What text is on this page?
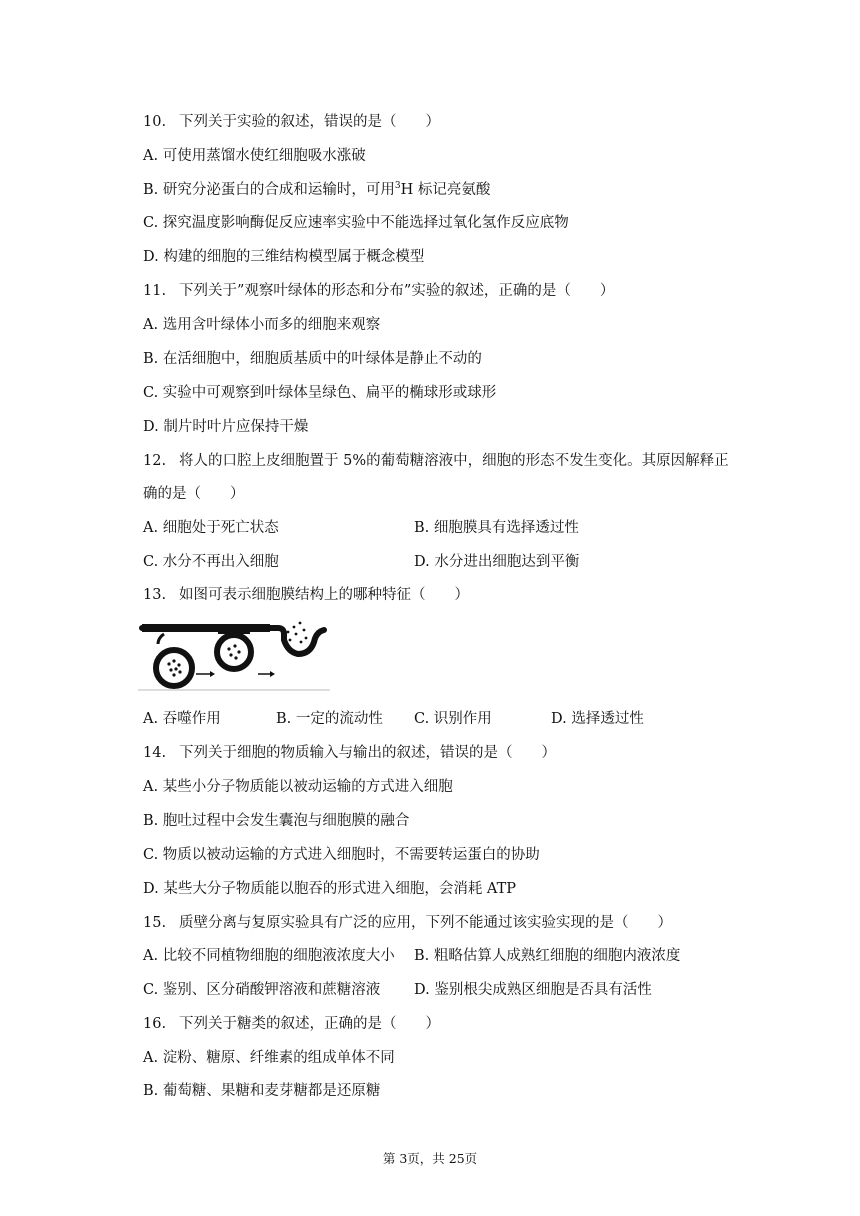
10. 下列关于实验的叙述，错误的是（　　）
A. 可使用蒸馏水使红细胞吸水涨破
B. 研究分泌蛋白的合成和运输时，可用$^3$H 标记亮氨酸
C. 探究温度影响酶促反应速率实验中不能选择过氧化氢作反应底物
D. 构建的细胞的三维结构模型属于概念模型
11. 下列关于”观察叶绿体的形态和分布”实验的叙述，正确的是（　　）
A. 选用含叶绿体小而多的细胞来观察
B. 在活细胞中，细胞质基质中的叶绿体是静止不动的
C. 实验中可观察到叶绿体呈绿色、扁平的椭球形或球形
D. 制片时叶片应保持干燥
12. 将人的口腔上皮细胞置于 5%的葡萄糖溶液中，细胞的形态不发生变化。其原因解释正
确的是（　　）
A. 细胞处于死亡状态	B. 细胞膜具有选择透过性
C. 水分不再出入细胞	D. 水分进出细胞达到平衡
13. 如图可表示细胞膜结构上的哪种特征（　　）
A. 吞噬作用	B. 一定的流动性 C. 识别作用	D. 选择透过性
14. 下列关于细胞的物质输入与输出的叙述，错误的是（　　）
A. 某些小分子物质能以被动运输的方式进入细胞
B. 胞吐过程中会发生囊泡与细胞膜的融合
C. 物质以被动运输的方式进入细胞时，不需要转运蛋白的协助
D. 某些大分子物质能以胞吞的形式进入细胞，会消耗 ATP
15. 质壁分离与复原实验具有广泛的应用，下列不能通过该实验实现的是（　　）
A. 比较不同植物细胞的细胞液浓度大小 B. 粗略估算人成熟红细胞的细胞内液浓度
C. 鉴别、区分硝酸钾溶液和蔗糖溶液 D. 鉴别根尖成熟区细胞是否具有活性
16. 下列关于糖类的叙述，正确的是（　　）
A. 淀粉、糖原、纤维素的组成单体不同
B. 葡萄糖、果糖和麦芽糖都是还原糖
第 3页，共 25页
